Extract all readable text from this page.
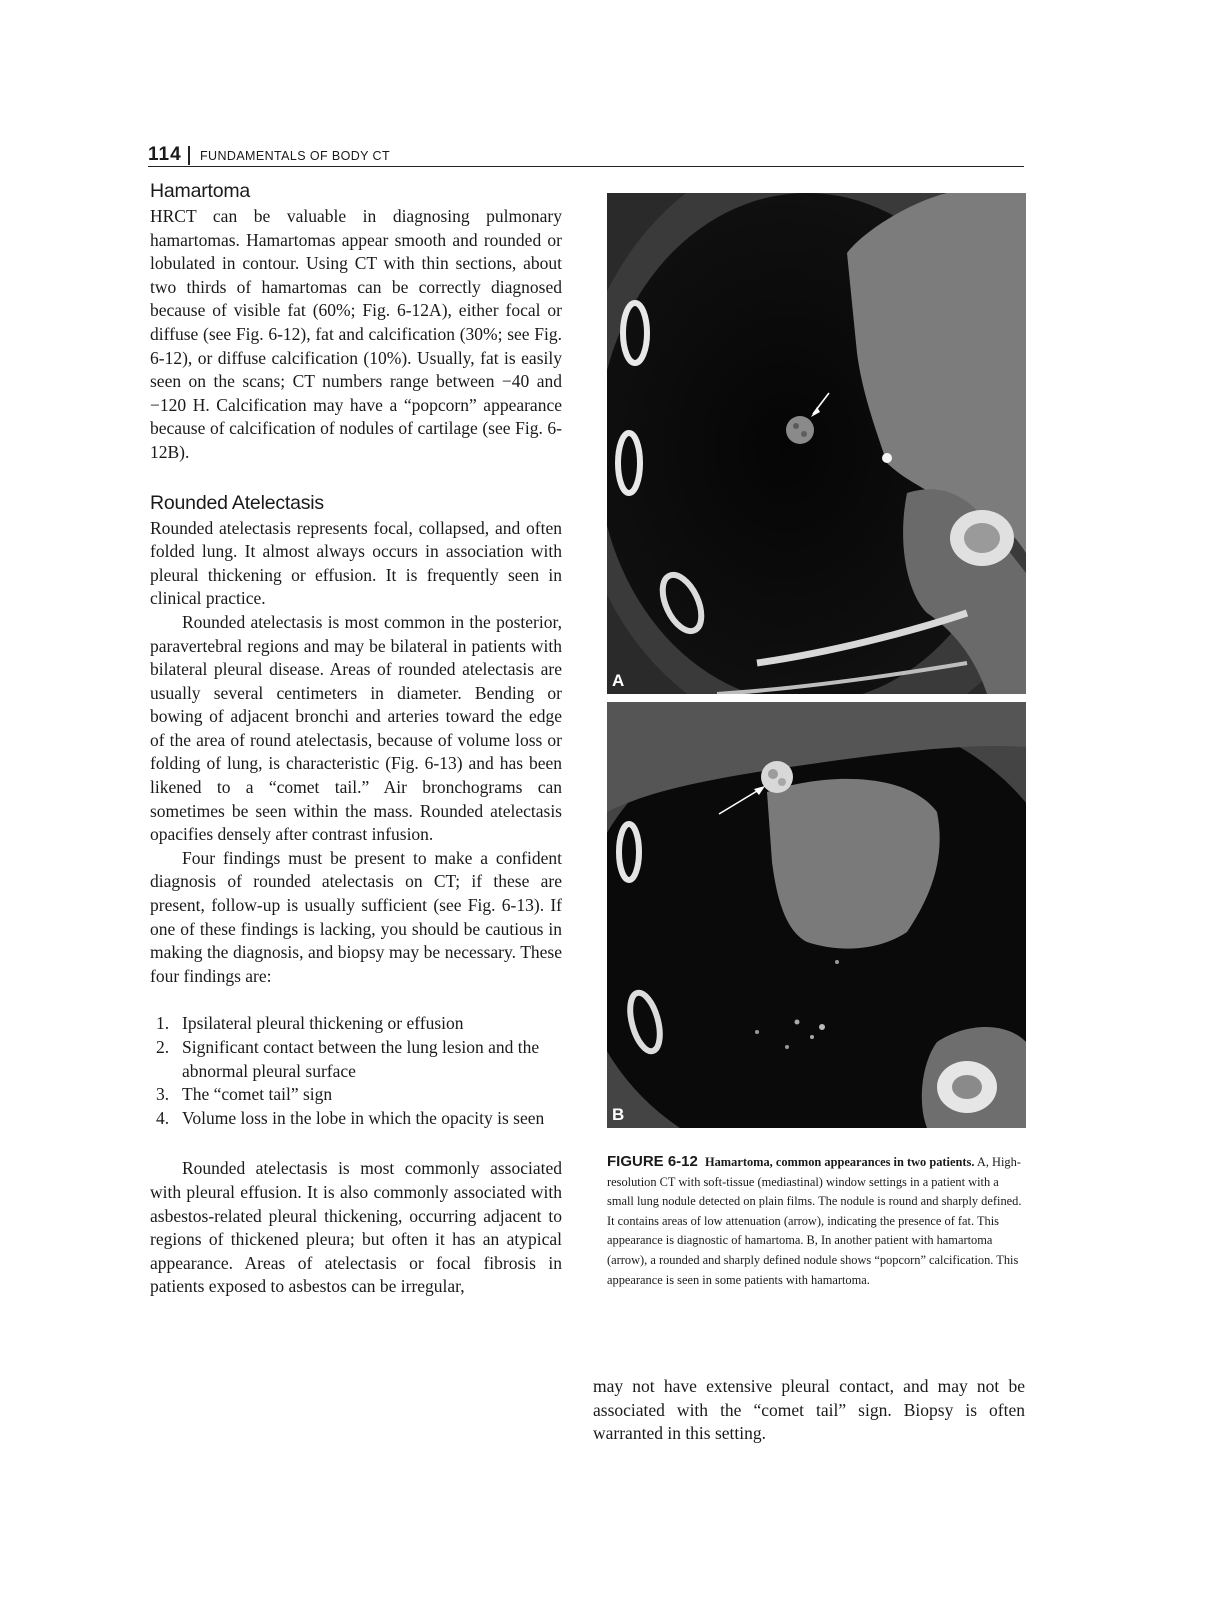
114 FUNDAMENTALS OF BODY CT
Hamartoma

HRCT can be valuable in diagnosing pulmonary hamartomas. Hamartomas appear smooth and rounded or lobulated in contour. Using CT with thin sections, about two thirds of hamartomas can be correctly diagnosed because of visible fat (60%; Fig. 6-12A), either focal or diffuse (see Fig. 6-12), fat and calcification (30%; see Fig. 6-12), or diffuse calcification (10%). Usually, fat is easily seen on the scans; CT numbers range between −40 and −120 H. Calcification may have a “popcorn” appearance because of calcification of nodules of cartilage (see Fig. 6-12B).

Rounded Atelectasis

Rounded atelectasis represents focal, collapsed, and often folded lung. It almost always occurs in association with pleural thickening or effusion. It is frequently seen in clinical practice.

Rounded atelectasis is most common in the posterior, paravertebral regions and may be bilateral in patients with bilateral pleural disease. Areas of rounded atelectasis are usually several centimeters in diameter. Bending or bowing of adjacent bronchi and arteries toward the edge of the area of round atelectasis, because of volume loss or folding of lung, is characteristic (Fig. 6-13) and has been likened to a “comet tail.” Air bronchograms can sometimes be seen within the mass. Rounded atelectasis opacifies densely after contrast infusion.

Four findings must be present to make a confident diagnosis of rounded atelectasis on CT; if these are present, follow-up is usually sufficient (see Fig. 6-13). If one of these findings is lacking, you should be cautious in making the diagnosis, and biopsy may be necessary. These four findings are:

1. Ipsilateral pleural thickening or effusion
2. Significant contact between the lung lesion and the abnormal pleural surface
3. The “comet tail” sign
4. Volume loss in the lobe in which the opacity is seen

Rounded atelectasis is most commonly associated with pleural effusion. It is also commonly associated with asbestos-related pleural thickening, occurring adjacent to regions of thickened pleura; but often it has an atypical appearance. Areas of atelectasis or focal fibrosis in patients exposed to asbestos can be irregular,

A
B
FIGURE 6-12 Hamartoma, common appearances in two patients. A, High-resolution CT with soft-tissue (mediastinal) window settings in a patient with a small lung nodule detected on plain films. The nodule is round and sharply defined. It contains areas of low attenuation (arrow), indicating the presence of fat. This appearance is diagnostic of hamartoma. B, In another patient with hamartoma (arrow), a rounded and sharply defined nodule shows “popcorn” calcification. This appearance is seen in some patients with hamartoma.

may not have extensive pleural contact, and may not be associated with the “comet tail” sign. Biopsy is often warranted in this setting.
